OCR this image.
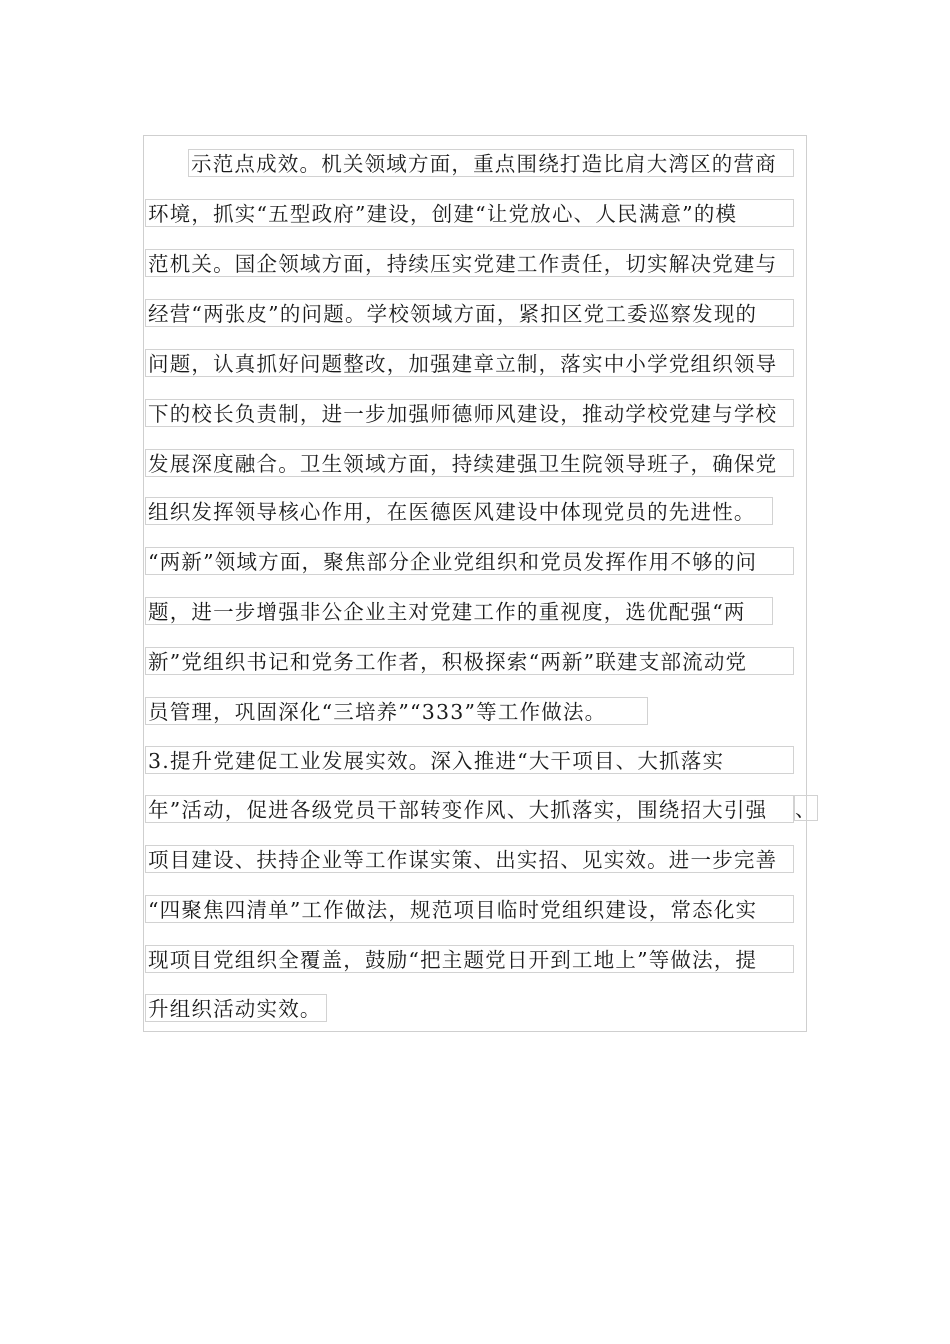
示范点成效。机关领域方面，重点围绕打造比肩大湾区的营商
环境，抓实“五型政府”建设，创建“让党放心、人民满意”的模
范机关。国企领域方面，持续压实党建工作责任，切实解决党建与
经营“两张皮”的问题。学校领域方面，紧扣区党工委巡察发现的
问题，认真抓好问题整改，加强建章立制，落实中小学党组织领导
下的校长负责制，进一步加强师德师风建设，推动学校党建与学校
发展深度融合。卫生领域方面，持续建强卫生院领导班子，确保党
组织发挥领导核心作用，在医德医风建设中体现党员的先进性。
“两新”领域方面，聚焦部分企业党组织和党员发挥作用不够的问
题，进一步增强非公企业主对党建工作的重视度，选优配强“两
新”党组织书记和党务工作者，积极探索“两新”联建支部流动党
员管理，巩固深化“三培养”“333”等工作做法。
3.提升党建促工业发展实效。深入推进“大干项目、大抓落实
年”活动，促进各级党员干部转变作风、大抓落实，围绕招大引强	、
项目建设、扶持企业等工作谋实策、出实招、见实效。进一步完善
“四聚焦四清单”工作做法，规范项目临时党组织建设，常态化实
现项目党组织全覆盖，鼓励“把主题党日开到工地上”等做法，提
升组织活动实效。
